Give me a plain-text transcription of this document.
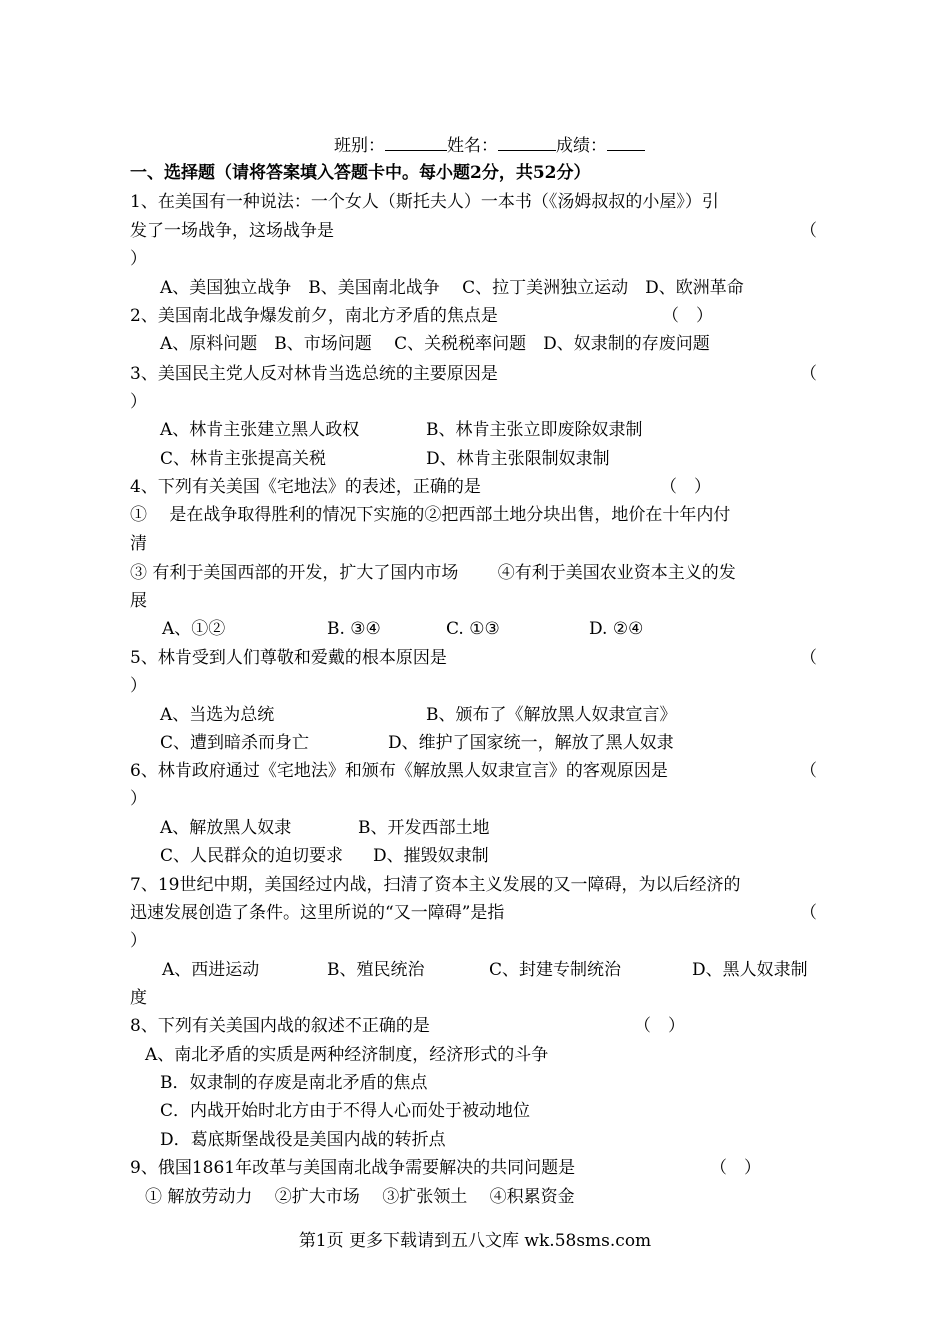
班别：	姓名：	成绩：
一、选择题（请将答案填入答题卡中。每小题2分，共52分）
1、在美国有一种说法：一个女人（斯托夫人）一本书（《汤姆叔叔的小屋》）引
发了一场战争，这场战争是	（
）
A、美国独立战争　B、美国南北战争　 C、拉丁美洲独立运动　D、欧洲革命
2、美国南北战争爆发前夕，南北方矛盾的焦点是	（　）
A、原料问题　B、市场问题　 C、关税税率问题　D、奴隶制的存废问题
3、美国民主党人反对林肯当选总统的主要原因是	（
）
A、林肯主张建立黑人政权	B、林肯主张立即废除奴隶制
C、林肯主张提高关税	D、林肯主张限制奴隶制
4、下列有关美国《宅地法》的表述，正确的是	（　）
①　 是在战争取得胜利的情况下实施的②把西部土地分块出售，地价在十年内付
清
③ 有利于美国西部的开发，扩大了国内市场　　 ④有利于美国农业资本主义的发
展
A、①②	B. ③④	C. ①③	D. ②④
5、林肯受到人们尊敬和爱戴的根本原因是	（
）
A、当选为总统	B、颁布了《解放黑人奴隶宣言》
C、遭到暗杀而身亡	D、维护了国家统一，解放了黑人奴隶
6、林肯政府通过《宅地法》和颁布《解放黑人奴隶宣言》的客观原因是	（
）
A、解放黑人奴隶	B、开发西部土地
C、人民群众的迫切要求 D、摧毁奴隶制
7、19世纪中期，美国经过内战，扫清了资本主义发展的又一障碍，为以后经济的
迅速发展创造了条件。这里所说的“又一障碍”是指	（
）
A、西进运动	B、殖民统治	C、封建专制统治	D、黑人奴隶制
度
8、下列有关美国内战的叙述不正确的是	（　）
A、南北矛盾的实质是两种经济制度，经济形式的斗争
B．奴隶制的存废是南北矛盾的焦点
C．内战开始时北方由于不得人心而处于被动地位
D．葛底斯堡战役是美国内战的转折点
9、俄国1861年改革与美国南北战争需要解决的共同问题是	（　）
① 解放劳动力　 ②扩大市场　 ③扩张领土　 ④积累资金
第1页 更多下载请到五八文库 wk.58sms.com
